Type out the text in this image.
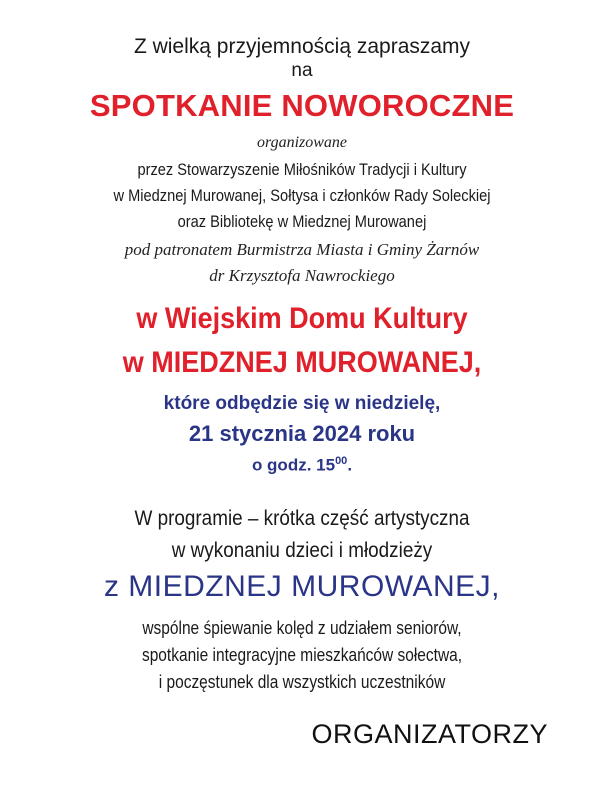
Z wielką przyjemnością zapraszamy
na
SPOTKANIE NOWOROCZNE
organizowane
przez Stowarzyszenie Miłośników Tradycji i Kultury
w Miedznej Murowanej, Sołtysa i członków Rady Soleckiej
oraz Bibliotekę w Miedznej Murowanej
pod patronatem Burmistrza Miasta i Gminy Żarnów
dr Krzysztofa Nawrockiego
w Wiejskim Domu Kultury
w MIEDZNEJ MUROWANEJ,
które odbędzie się w niedzielę,
21 stycznia 2024 roku
o godz. $15^{00}$.
W programie – krótka część artystyczna
w wykonaniu dzieci i młodzieży
z MIEDZNEJ MUROWANEJ,
wspólne śpiewanie kolęd z udziałem seniorów,
spotkanie integracyjne mieszkańców sołectwa,
i poczęstunek dla wszystkich uczestników
ORGANIZATORZY
